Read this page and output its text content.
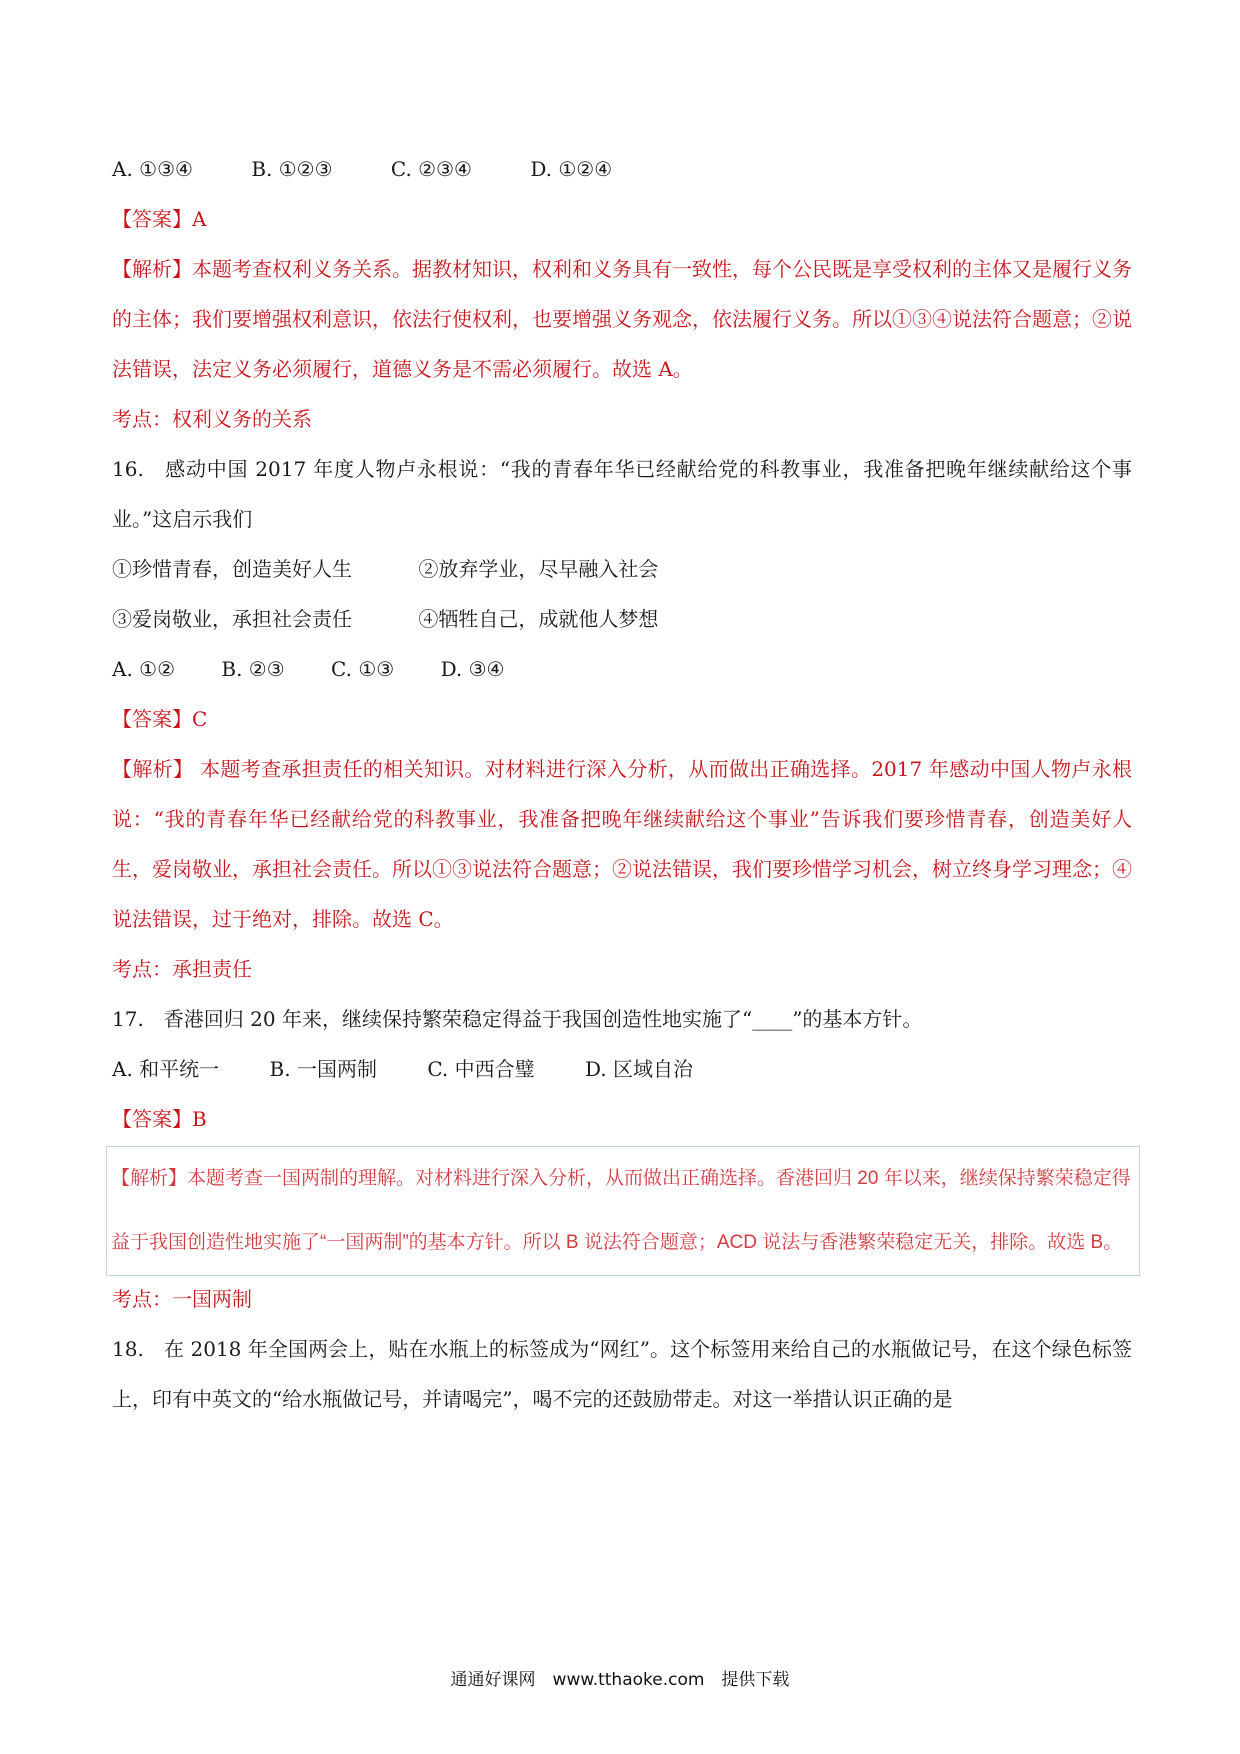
A. ①③④	B. ①②③	C. ②③④	D. ①②④
【答案】A
【解析】本题考查权利义务关系。据教材知识，权利和义务具有一致性，每个公民既是享受权利的主体又是履行义务的主体；我们要增强权利意识，依法行使权利，也要增强义务观念，依法履行义务。所以①③④说法符合题意；②说法错误，法定义务必须履行，道德义务是不需必须履行。故选 A。
考点：权利义务的关系
16.　感动中国 2017 年度人物卢永根说：“我的青春年华已经献给党的科教事业，我准备把晚年继续献给这个事业。”这启示我们
①珍惜青春，创造美好人生	②放弃学业，尽早融入社会
③爱岗敬业，承担社会责任	④牺牲自己，成就他人梦想
A. ①② B. ②③ C. ①③ D. ③④
【答案】C
【解析】 本题考查承担责任的相关知识。对材料进行深入分析，从而做出正确选择。2017 年感动中国人物卢永根说：“我的青春年华已经献给党的科教事业，我准备把晚年继续献给这个事业”告诉我们要珍惜青春，创造美好人生，爱岗敬业，承担社会责任。所以①③说法符合题意；②说法错误，我们要珍惜学习机会，树立终身学习理念；④说法错误，过于绝对，排除。故选 C。
考点：承担责任
17.　香港回归 20 年来，继续保持繁荣稳定得益于我国创造性地实施了“____”的基本方针。
A. 和平统一	B. 一国两制	C. 中西合璧	D. 区域自治
【答案】B
【解析】本题考查一国两制的理解。对材料进行深入分析，从而做出正确选择。香港回归 20 年以来，继续保持繁荣稳定得益于我国创造性地实施了“一国两制”的基本方针。所以 B 说法符合题意；ACD 说法与香港繁荣稳定无关，排除。故选 B。
考点：一国两制
18.　在 2018 年全国两会上，贴在水瓶上的标签成为“网红”。这个标签用来给自己的水瓶做记号，在这个绿色标签上，印有中英文的“给水瓶做记号，并请喝完”，喝不完的还鼓励带走。对这一举措认识正确的是
通通好课网　www.tthaoke.com　提供下载
